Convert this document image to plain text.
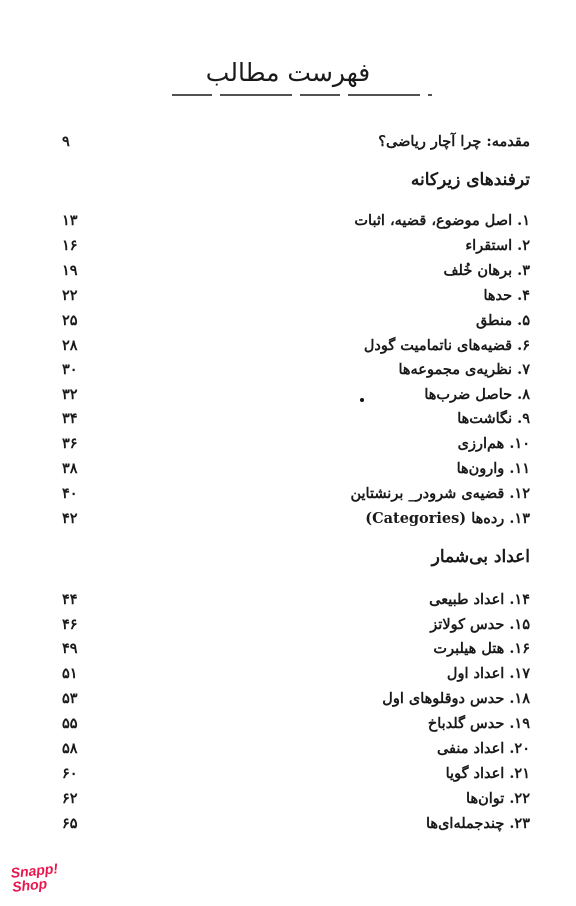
فهرست مطالب
مقدمه: چرا آچار ریاضی؟
۹
ترفندهای زیرکانه
۱. اصل موضوع، قضیه، اثبات
۱۳
۲. استقراء
۱۶
۳. برهان خُلف
۱۹
۴. حدها
۲۲
۵. منطق
۲۵
۶. قضیه‌های ناتمامیت گودل
۲۸
۷. نظریه‌ی مجموعه‌ها
۳۰
۸. حاصل ضرب‌ها
۳۲
۹. نگاشت‌ها
۳۴
۱۰. هم‌ارزی
۳۶
۱۱. وارون‌ها
۳۸
۱۲. قضیه‌ی شرودر_ برنشتاین
۴۰
۱۳. رده‌ها (Categories)
۴۲
اعداد بی‌شمار
۱۴. اعداد طبیعی
۴۴
۱۵. حدس کولاتز
۴۶
۱۶. هتل هیلبرت
۴۹
۱۷. اعداد اول
۵۱
۱۸. حدس دوقلوهای اول
۵۳
۱۹. حدس گلدباخ
۵۵
۲۰. اعداد منفی
۵۸
۲۱. اعداد گویا
۶۰
۲۲. توان‌ها
۶۲
۲۳. چندجمله‌ای‌ها
۶۵
Snapp!
Shop
